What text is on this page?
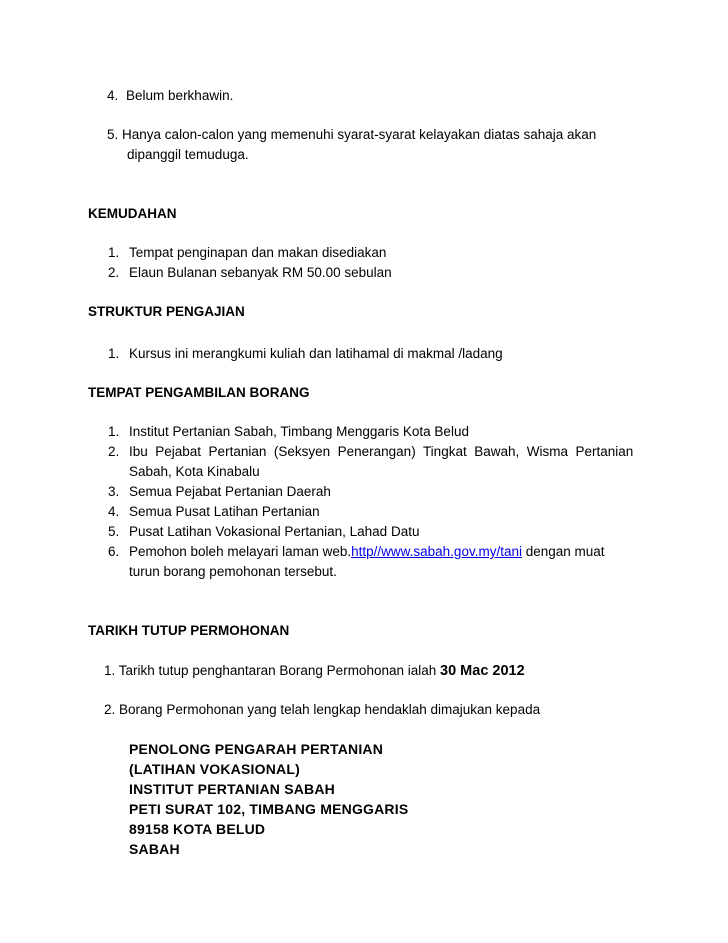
4. Belum berkhawin.
5. Hanya calon-calon yang memenuhi syarat-syarat kelayakan diatas sahaja akan
dipanggil temuduga.
KEMUDAHAN
1. Tempat penginapan dan makan disediakan
2. Elaun Bulanan sebanyak RM 50.00 sebulan
STRUKTUR PENGAJIAN
1. Kursus ini merangkumi kuliah dan latihamal di makmal /ladang
TEMPAT PENGAMBILAN BORANG
1. Institut Pertanian Sabah, Timbang Menggaris Kota Belud
2. Ibu  Pejabat  Pertanian  (Seksyen  Penerangan)  Tingkat  Bawah,  Wisma  Pertanian
Sabah, Kota Kinabalu
3. Semua Pejabat Pertanian Daerah
4. Semua Pusat Latihan Pertanian
5. Pusat Latihan Vokasional Pertanian, Lahad Datu
6. Pemohon boleh melayari laman web.http//www.sabah.gov.my/tani dengan muat
turun borang pemohonan tersebut.
TARIKH TUTUP PERMOHONAN
1. Tarikh tutup penghantaran Borang Permohonan ialah 30 Mac 2012
2. Borang Permohonan yang telah lengkap hendaklah dimajukan kepada
PENOLONG PENGARAH PERTANIAN
(LATIHAN VOKASIONAL)
INSTITUT PERTANIAN SABAH
PETI SURAT 102, TIMBANG MENGGARIS
89158 KOTA BELUD
SABAH
